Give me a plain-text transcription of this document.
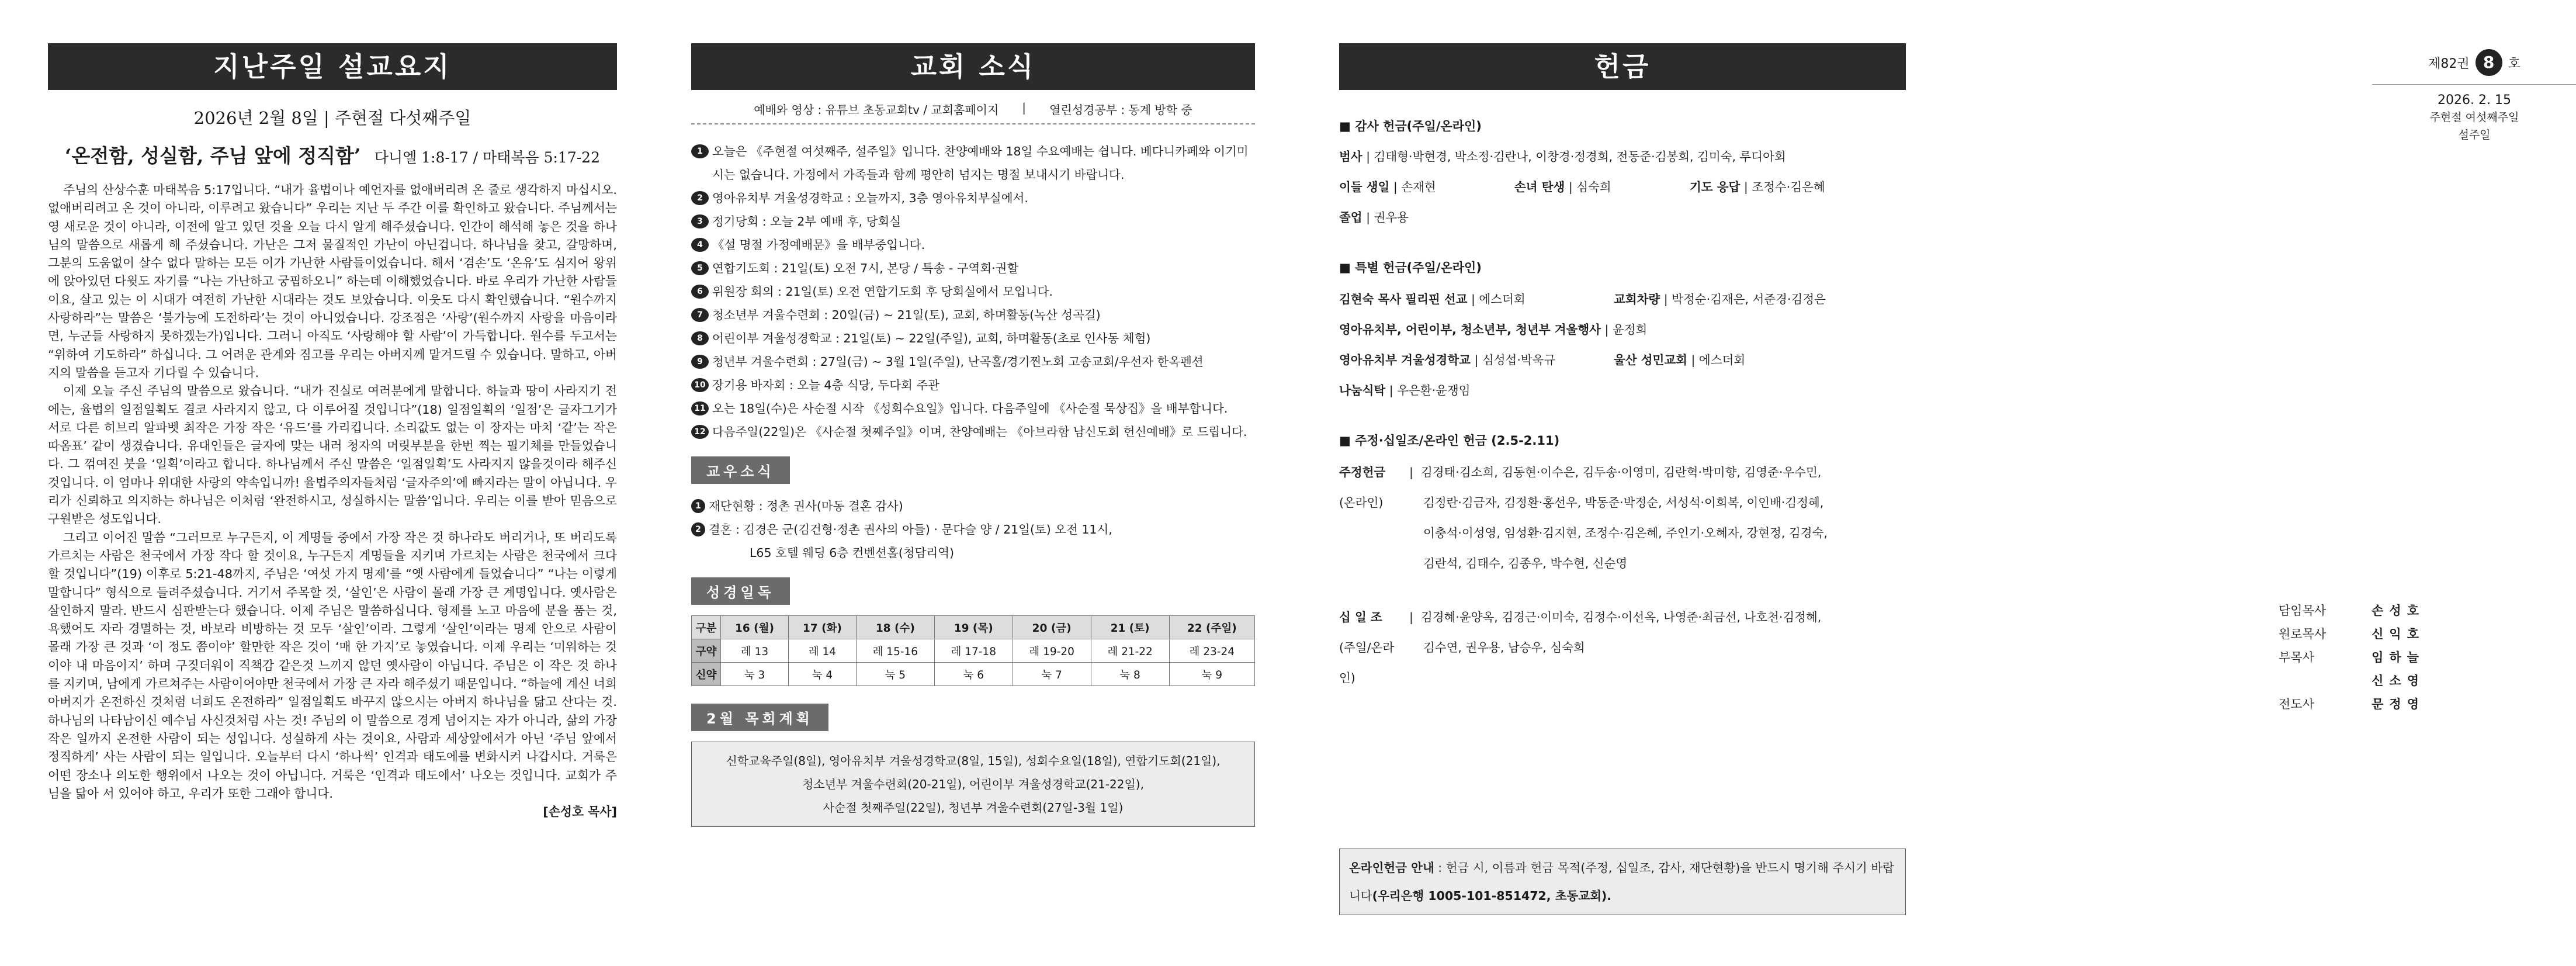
지난주일 설교요지
2026년 2월 8일 | 주현절 다섯째주일
‘온전함, 성실함, 주님 앞에 정직함’ 다니엘 1:8-17 / 마태복음 5:17-22

주님의 산상수훈 마태복음 5:17입니다. “내가 율법이나 예언자를 없애버리려 온 줄로 생각하지 마십시오. 없애버리려고 온 것이 아니라, 이루려고 왔습니다” 우리는 지난 두 주간 이를 확인하고 왔습니다. 주님께서는 영 새로운 것이 아니라, 이전에 알고 있던 것을 오늘 다시 알게 해주셨습니다. 인간이 해석해 놓은 것을 하나님의 말씀으로 새롭게 해 주셨습니다. 가난은 그저 물질적인 가난이 아닌겁니다. 하나님을 찾고, 갈망하며, 그분의 도움없이 살수 없다 말하는 모든 이가 가난한 사람들이었습니다. 해서 ‘겸손’도 ‘온유’도 심지어 왕위에 앉아있던 다윗도 자기를 “나는 가난하고 궁핍하오니” 하는데 이해했었습니다. 바로 우리가 가난한 사람들이요, 살고 있는 이 시대가 여전히 가난한 시대라는 것도 보았습니다. 이웃도 다시 확인했습니다. “원수까지 사랑하라”는 말씀은 ‘불가능에 도전하라’는 것이 아니었습니다. 강조점은 ‘사랑’(원수까지 사랑을 마음이라면, 누군들 사랑하지 못하겠는가)입니다. 그러니 아직도 ‘사랑해야 할 사람’이 가득합니다. 원수를 두고서는 “위하여 기도하라” 하십니다. 그 어려운 관계와 짐고를 우리는 아버지께 맡겨드릴 수 있습니다. 말하고, 아버지의 말씀을 듣고자 기다릴 수 있습니다.

이제 오늘 주신 주님의 말씀으로 왔습니다. “내가 진실로 여러분에게 말합니다. 하늘과 땅이 사라지기 전에는, 율법의 일점일획도 결코 사라지지 않고, 다 이루어질 것입니다”(18) 일점일획의 ‘일점’은 글자그기가 서로 다른 히브리 알파벳 최작은 가장 작은 ‘유드’를 가리킵니다. 소리값도 없는 이 장자는 마치 ‘같’는 작은따옴표’ 같이 생겼습니다. 유대인들은 글자에 맞는 내러 청자의 머릿부분을 한번 찍는 필기체를 만들었습니다. 그 꺾여진 붓을 ‘일획’이라고 합니다. 하나님께서 주신 말씀은 ‘일점일획’도 사라지지 않을것이라 해주신 것입니다. 이 엄마나 위대한 사랑의 약속입니까! 율법주의자들처럼 ‘글자주의’에 빠지라는 말이 아닙니다. 우리가 신뢰하고 의지하는 하나님은 이처럼 ‘완전하시고, 성실하시는 말씀’입니다. 우리는 이를 받아 믿음으로 구원받은 성도입니다.

그리고 이어진 말씀 “그러므로 누구든지, 이 계명들 중에서 가장 작은 것 하나라도 버리거나, 또 버리도록 가르치는 사람은 천국에서 가장 작다 할 것이요, 누구든지 계명들을 지키며 가르치는 사람은 천국에서 크다 할 것입니다”(19) 이후로 5:21-48까지, 주님은 ‘여섯 가지 명제’를 “옛 사람에게 들었습니다” “나는 이렇게 말합니다” 형식으로 들려주셨습니다. 거기서 주목할 것, ‘살인’은 사람이 몰래 가장 큰 계명입니다. 옛사람은 살인하지 말라. 반드시 심판받는다 했습니다. 이제 주님은 말씀하십니다. 형제를 노고 마음에 분을 품는 것, 욕했어도 자라 경멸하는 것, 바보라 비방하는 것 모두 ‘살인’이라. 그렇게 ‘살인’이라는 명제 안으로 사람이 몰래 가장 큰 것과 ‘이 정도 쯤이야’ 할만한 작은 것이 ‘매 한 가지’로 놓였습니다. 이제 우리는 ‘미워하는 것이야 내 마음이지’ 하며 구짖더워이 직책감 같은것 느끼지 않던 옛사람이 아닙니다. 주님은 이 작은 것 하나를 지키며, 남에게 가르쳐주는 사람이어야만 천국에서 가장 큰 자라 해주셨기 때문입니다. “하늘에 계신 너희 아버지가 온전하신 것처럼 너희도 온전하라” 일점일획도 바꾸지 않으시는 아버지 하나님을 닮고 산다는 것. 하나님의 나타남이신 예수님 사신것처럼 사는 것! 주님의 이 말씀으로 경계 넘어지는 자가 아니라, 삶의 가장 작은 일까지 온전한 사람이 되는 성입니다. 성실하게 사는 것이요, 사람과 세상앞에서가 아닌 ‘주님 앞에서 정직하게’ 사는 사람이 되는 일입니다. 오늘부터 다시 ‘하나씩’ 인격과 태도에를 변화시켜 나갑시다. 거룩은 어떤 장소나 의도한 행위에서 나오는 것이 아닙니다. 거룩은 ‘인격과 태도에서’ 나오는 것입니다. 교회가 주님을 닮아 서 있어야 하고, 우리가 또한 그래야 합니다.

[손성호 목사]
교회 소식
예배와 영상 : 유튜브 초동교회tv / 교회홈페이지 | 열린성경공부 : 동계 방학 중
1 오늘은 《주현절 여섯째주, 설주일》입니다. 찬양예배와 18일 수요예배는 쉽니다. 베다니카페와 이기미시는 없습니다. 가정에서 가족들과 함께 평안히 넘지는 명절 보내시기 바랍니다.
2 영아유치부 겨울성경학교 : 오늘까지, 3층 영아유치부실에서.
3 정기당회 : 오늘 2부 예배 후, 당회실
4 《설 명절 가정예배문》을 배부중입니다.
5 연합기도회 : 21일(토) 오전 7시, 본당 / 특송 - 구역회·권할
6 위원장 회의 : 21일(토) 오전 연합기도회 후 당회실에서 모입니다.
7 청소년부 겨울수련회 : 20일(금) ~ 21일(토), 교회, 하며활동(녹산 성곡길)
8 어린이부 겨울성경학교 : 21일(토) ~ 22일(주일), 교회, 하며활동(초로 인사동 체험)
9 청년부 겨울수련회 : 27일(금) ~ 3월 1일(주일), 난곡홀/경기찐노회 고송교회/우선자 한옥펜션
10 장기용 바자회 : 오늘 4층 식당, 두다회 주관
11 오는 18일(수)은 사순절 시작 《성회수요일》입니다. 다음주일에 《사순절 묵상집》을 배부합니다.
12 다음주일(22일)은 《사순절 첫째주일》이며, 찬양예배는 《아브라함 남신도회 헌신예배》로 드립니다.
교우소식
1 재단현황 : 정촌 권사(마동 결혼 감사)
2 결혼 : 김경은 군(김건형·정촌 권사의 아들) · 문다슬 양 / 21일(토) 오전 11시,
L65 호텔 웨딩 6층 컨벤션홀(청담리역)
성경일독
구분	16 (월)	17 (화)	18 (수)	19 (목)	20 (금)	21 (토)	22 (주일)
구약	레 13	레 14	레 15-16	레 17-18	레 19-20	레 21-22	레 23-24
신약	눅 3	눅 4	눅 5	눅 6	눅 7	눅 8	눅 9
2월 목회계획
신학교육주일(8일), 영아유치부 겨울성경학교(8일, 15일), 성회수요일(18일), 연합기도회(21일),
청소년부 겨울수련회(20-21일), 어린이부 겨울성경학교(21-22일),
사순절 첫째주일(22일), 청년부 겨울수련회(27일-3월 1일)
헌금
■ 감사 헌금(주일/온라인)
범사 | 김태형·박현경, 박소정·김란나, 이창경·정경희, 전동준·김봉희, 김미숙, 루디아회
이들 생일 | 손재현	손녀 탄생 | 심숙희	기도 응답 | 조정수·김은혜
졸업 | 권우용
■ 특별 헌금(주일/온라인)
김현숙 목사 필리핀 선교 | 에스더회	교회차량 | 박정순·김재은, 서준경·김정은
영아유치부, 어린이부, 청소년부, 청년부 겨울행사 | 윤정희
영아유치부 겨울성경학교 | 심성섭·박욱규	울산 성민교회 | 에스더회
나눔식탁 | 우은환·윤쟁임
■ 주정·십일조/온라인 헌금 (2.5-2.11)
주정헌금
(온라인)
|  김경태·김소희, 김동현·이수은, 김두송·이영미, 김란혁·박미향, 김영준·우수민,
김정란·김금자, 김정환·홍선우, 박동준·박정순, 서성석·이희복, 이인배·김정혜,
이충석·이성영, 임성환·김지현, 조정수·김은혜, 주인기·오혜자, 강현정, 김경숙,
김란석, 김태수, 김종우, 박수현, 신순영
십 일 조
(주일/온라인)
|  김경혜·윤양옥, 김경근·이미숙, 김정수·이선옥, 나영준·최금선, 나호천·김정혜,
김수연, 권우용, 남승우, 심숙희
온라인헌금 안내 : 헌금 시, 이름과 헌금 목적(주정, 십일조, 감사, 재단현황)을 반드시 명기해 주시기 바랍니다(우리은행 1005-101-851472, 초동교회).
제82권 8	호
2026. 2. 15
주현절 여섯째주일
설주일
담임목사	손성호
원로목사	신익호
부목사	임하늘
신소영
전도사	문정영
